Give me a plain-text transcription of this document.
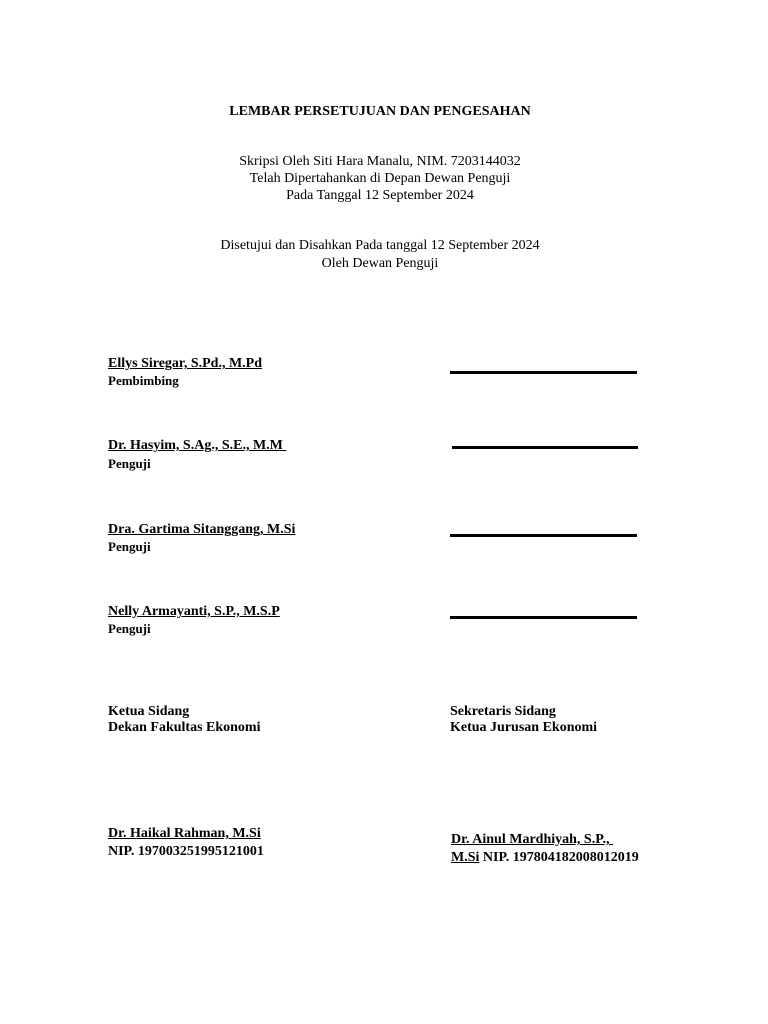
LEMBAR PERSETUJUAN DAN PENGESAHAN
Skripsi Oleh Siti Hara Manalu, NIM. 7203144032
Telah Dipertahankan di Depan Dewan Penguji
Pada Tanggal 12 September 2024
Disetujui dan Disahkan Pada tanggal 12 September 2024
Oleh Dewan Penguji
Ellys Siregar, S.Pd., M.Pd
Pembimbing
Dr. Hasyim, S.Ag., S.E., M.M
Penguji
Dra. Gartima Sitanggang, M.Si
Penguji
Nelly Armayanti, S.P., M.S.P
Penguji
Ketua Sidang
Dekan Fakultas Ekonomi
Dr. Haikal Rahman, M.Si
NIP. 197003251995121001
Sekretaris Sidang
Ketua Jurusan Ekonomi
Dr. Ainul Mardhiyah, S.P.,
M.Si NIP. 197804182008012019
